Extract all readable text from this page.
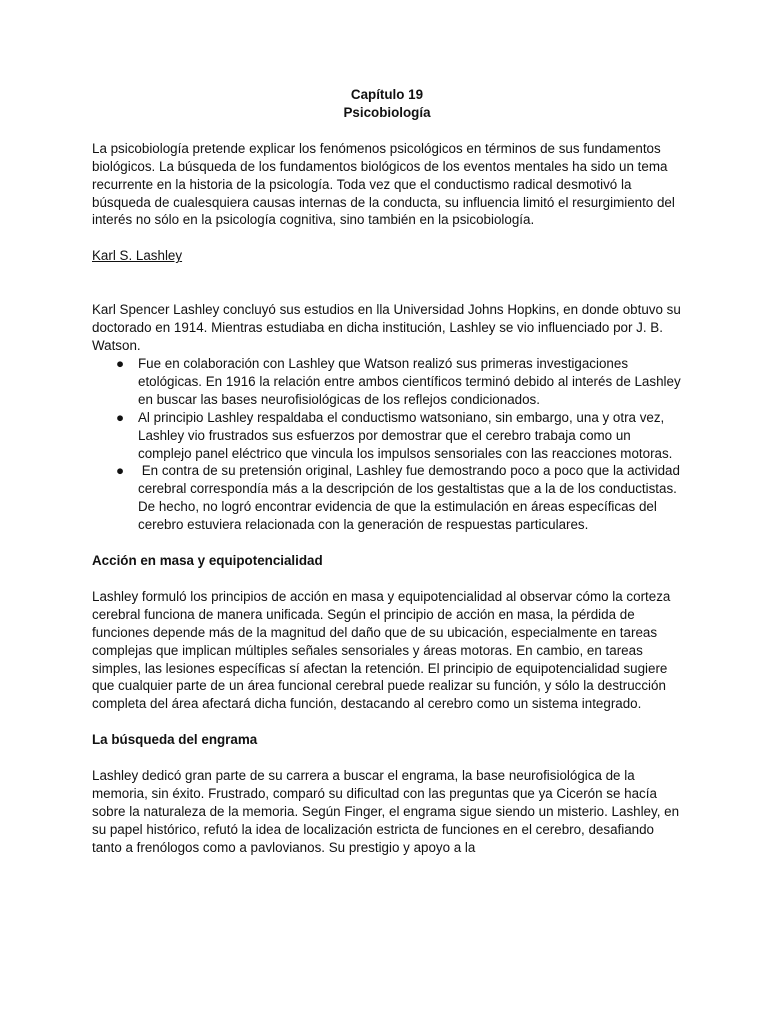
Capítulo 19
Psicobiología

La psicobiología pretende explicar los fenómenos psicológicos en términos de sus fundamentos biológicos. La búsqueda de los fundamentos biológicos de los eventos mentales ha sido un tema recurrente en la historia de la psicología. Toda vez que el conductismo radical desmotivó la búsqueda de cualesquiera causas internas de la conducta, su influencia limitó el resurgimiento del interés no sólo en la psicología cognitiva, sino también en la psicobiología.

Karl S. Lashley

Karl Spencer Lashley concluyó sus estudios en lla Universidad Johns Hopkins, en donde obtuvo su doctorado en 1914. Mientras estudiaba en dicha institución, Lashley se vio influenciado por J. B. Watson.

● Fue en colaboración con Lashley que Watson realizó sus primeras investigaciones etológicas. En 1916 la relación entre ambos científicos terminó debido al interés de Lashley en buscar las bases neurofisiológicas de los reflejos condicionados.
● Al principio Lashley respaldaba el conductismo watsoniano, sin embargo, una y otra vez, Lashley vio frustrados sus esfuerzos por demostrar que el cerebro trabaja como un complejo panel eléctrico que vincula los impulsos sensoriales con las reacciones motoras.
● En contra de su pretensión original, Lashley fue demostrando poco a poco que la actividad cerebral correspondía más a la descripción de los gestaltistas que a la de los conductistas. De hecho, no logró encontrar evidencia de que la estimulación en áreas específicas del cerebro estuviera relacionada con la generación de respuestas particulares.

Acción en masa y equipotencialidad

Lashley formuló los principios de acción en masa y equipotencialidad al observar cómo la corteza cerebral funciona de manera unificada. Según el principio de acción en masa, la pérdida de funciones depende más de la magnitud del daño que de su ubicación, especialmente en tareas complejas que implican múltiples señales sensoriales y áreas motoras. En cambio, en tareas simples, las lesiones específicas sí afectan la retención. El principio de equipotencialidad sugiere que cualquier parte de un área funcional cerebral puede realizar su función, y sólo la destrucción completa del área afectará dicha función, destacando al cerebro como un sistema integrado.

La búsqueda del engrama

Lashley dedicó gran parte de su carrera a buscar el engrama, la base neurofisiológica de la memoria, sin éxito. Frustrado, comparó su dificultad con las preguntas que ya Cicerón se hacía sobre la naturaleza de la memoria. Según Finger, el engrama sigue siendo un misterio. Lashley, en su papel histórico, refutó la idea de localización estricta de funciones en el cerebro, desafiando tanto a frenólogos como a pavlovianos. Su prestigio y apoyo a la
